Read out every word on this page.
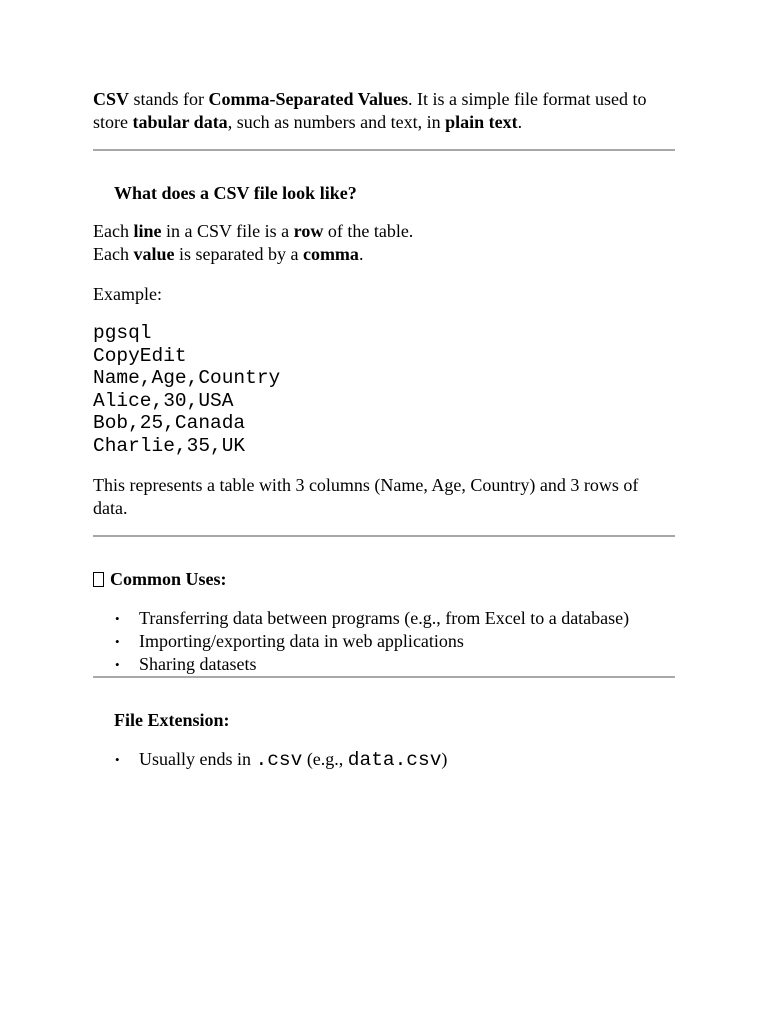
CSV stands for Comma-Separated Values. It is a simple file format used to store tabular data, such as numbers and text, in plain text.

What does a CSV file look like?

Each line in a CSV file is a row of the table.

Each value is separated by a comma.

Example:

pgsql
CopyEdit
Name,Age,Country
Alice,30,USA
Bob,25,Canada
Charlie,35,UK

This represents a table with 3 columns (Name, Age, Country) and 3 rows of data.

Common Uses:

• Transferring data between programs (e.g., from Excel to a database)
• Importing/exporting data in web applications
• Sharing datasets

File Extension:

• Usually ends in .csv (e.g., data.csv)
